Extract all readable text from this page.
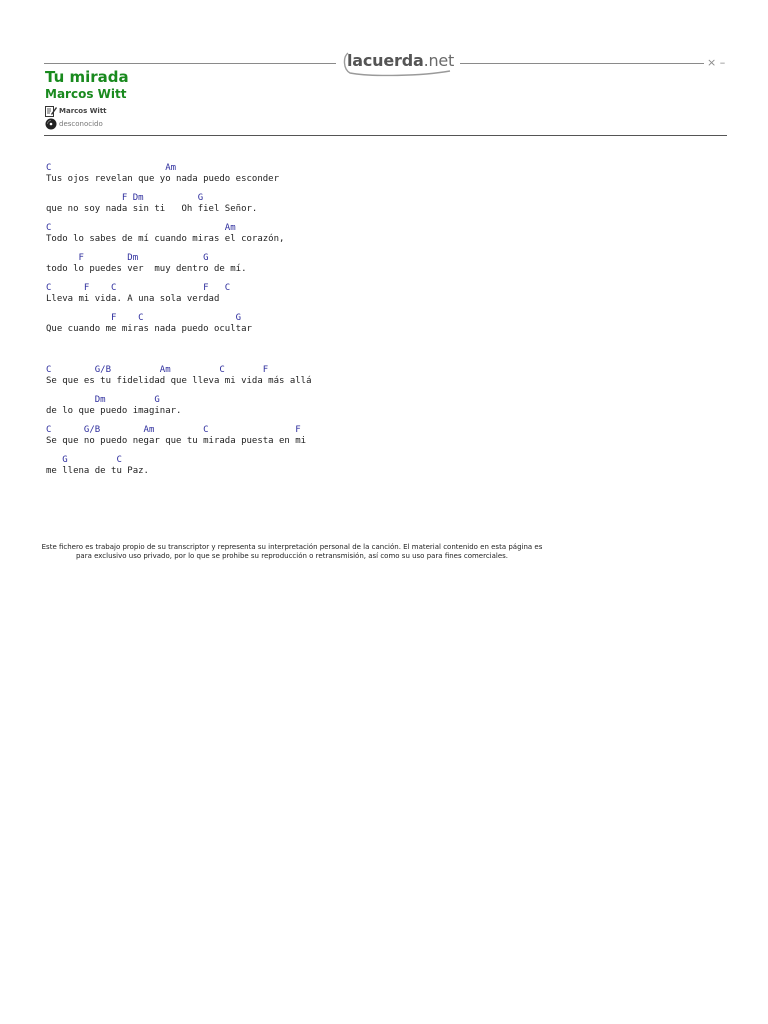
lacuerda.net	× –
Tu mirada
Marcos Witt
Marcos Witt
desconocido
C                     Am
Tus ojos revelan que yo nada puedo esconder
F Dm          G
que no soy nada sin ti   Oh fiel Señor.
C                                Am
Todo lo sabes de mí cuando miras el corazón,
F        Dm            G
todo lo puedes ver  muy dentro de mí.
C      F    C                F   C
Lleva mi vida. A una sola verdad
F    C                 G
Que cuando me miras nada puedo ocultar
C        G/B         Am         C       F
Se que es tu fidelidad que lleva mi vida más allá
Dm         G
de lo que puedo imaginar.
C      G/B        Am         C                F
Se que no puedo negar que tu mirada puesta en mi
G         C
me llena de tu Paz.
Este fichero es trabajo propio de su transcriptor y representa su interpretación personal de la canción. El material contenido en esta página es
para exclusivo uso privado, por lo que se prohibe su reproducción o retransmisión, así como su uso para fines comerciales.
